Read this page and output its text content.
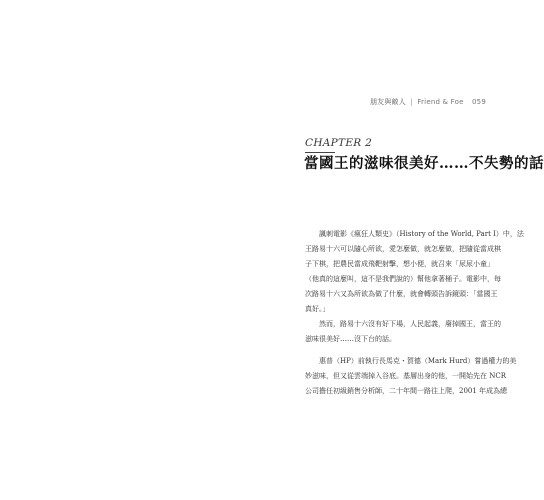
朋友與敵人 | Friend & Foe 059
CHAPTER 2
當國王的滋味很美好……不失勢的話
諷刺電影《瘋狂人類史》（History of the World, Part I）中，法
王路易十六可以隨心所欲，愛怎麼做，就怎麼做，把隨從當成棋
子下棋，把農民當成飛靶射擊，想小便，就召來「尿尿小童」
（他真的這麼叫，這不是我們說的）幫他拿著桶子。電影中，每
次路易十六又為所欲為做了什麼，就會轉頭告訴鏡頭：「當國王
真好。」
然而，路易十六沒有好下場，人民起義，廢掉國王，當王的
滋味很美好……沒下台的話。
惠普（HP）前執行長馬克・賀德（Mark Hurd）嘗過權力的美
妙滋味，但又從雲端掉入谷底。基層出身的他，一開始先在 NCR
公司擔任初級銷售分析師，二十年間一路往上爬，2001 年成為總
